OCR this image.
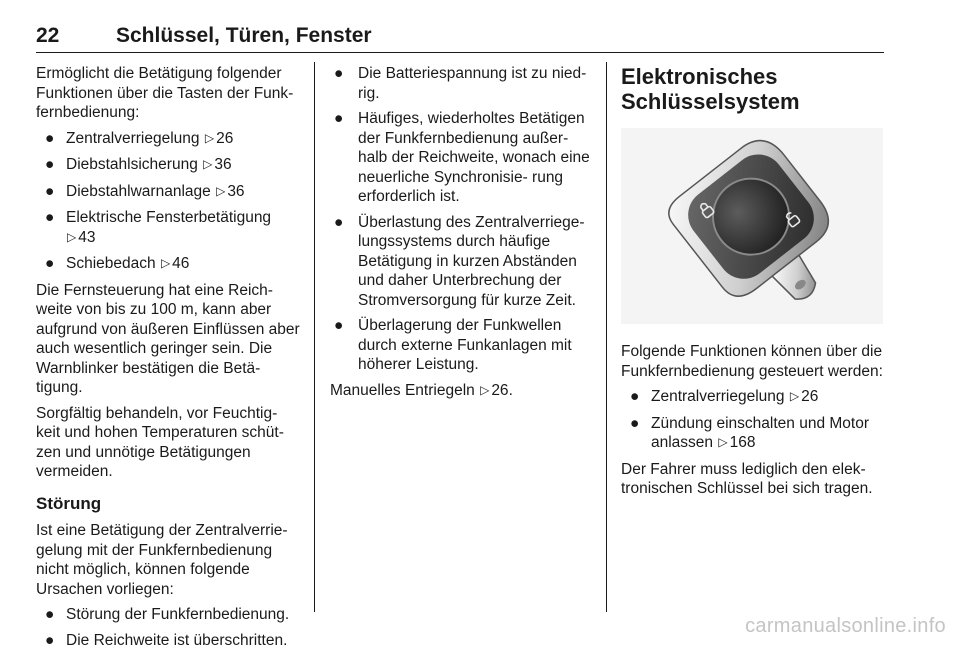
22	Schlüssel, Türen, Fenster

Ermöglicht die Betätigung folgender Funktionen über die Tasten der Funk- fernbedienung:

● Zentralverriegelung ▷ 26
● Diebstahlsicherung ▷ 36
● Diebstahlwarnanlage ▷ 36
● Elektrische Fensterbetätigung
▷ 43
● Schiebedach ▷ 46

Die Fernsteuerung hat eine Reich- weite von bis zu 100 m, kann aber aufgrund von äußeren Einflüssen aber auch wesentlich geringer sein. Die Warnblinker bestätigen die Betä- tigung.

Sorgfältig behandeln, vor Feuchtig- keit und hohen Temperaturen schüt- zen und unnötige Betätigungen vermeiden.

Störung

Ist eine Betätigung der Zentralverrie- gelung mit der Funkfernbedienung nicht möglich, können folgende Ursachen vorliegen:

● Störung der Funkfernbedienung.
● Die Reichweite ist überschritten.
● Die Batteriespannung ist zu nied- rig.
● Häufiges, wiederholtes Betätigen der Funkfernbedienung außer- halb der Reichweite, wonach eine neuerliche Synchronisie- rung erforderlich ist.
● Überlastung des Zentralverriege- lungssystems durch häufige Betätigung in kurzen Abständen und daher Unterbrechung der Stromversorgung für kurze Zeit.
● Überlagerung der Funkwellen durch externe Funkanlagen mit höherer Leistung.

Manuelles Entriegeln ▷ 26.

Elektronisches Schlüsselsystem

Folgende Funktionen können über die Funkfernbedienung gesteuert werden:

● Zentralverriegelung ▷ 26
● Zündung einschalten und Motor anlassen ▷ 168

Der Fahrer muss lediglich den elek- tronischen Schlüssel bei sich tragen.

carmanualsonline.info
